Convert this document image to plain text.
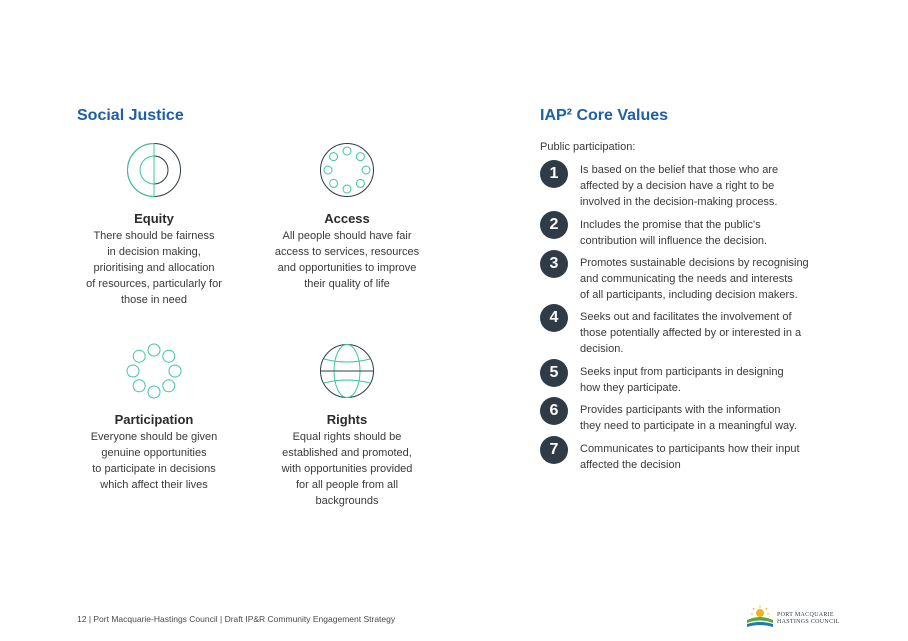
Social Justice
Equity
There should be fairness
in decision making,
prioritising and allocation
of resources, particularly for
those in need
Access
All people should have fair
access to services, resources
and opportunities to improve
their quality of life
Participation
Everyone should be given
genuine opportunities
to participate in decisions
which affect their lives
Rights
Equal rights should be
established and promoted,
with opportunities provided
for all people from all
backgrounds
IAP² Core Values
Public participation:
1	Is based on the belief that those who are
affected by a decision have a right to be
involved in the decision-making process.
2	Includes the promise that the public's
contribution will influence the decision.
3	Promotes sustainable decisions by recognising
and communicating the needs and interests
of all participants, including decision makers.
4	Seeks out and facilitates the involvement of
those potentially affected by or interested in a
decision.
5	Seeks input from participants in designing
how they participate.
6	Provides participants with the information
they need to participate in a meaningful way.
7	Communicates to participants how their input
affected the decision
12 | Port Macquarie-Hastings Council | Draft IP&R Community Engagement Strategy	PORT MACQUARIE
HASTINGS COUNCIL
